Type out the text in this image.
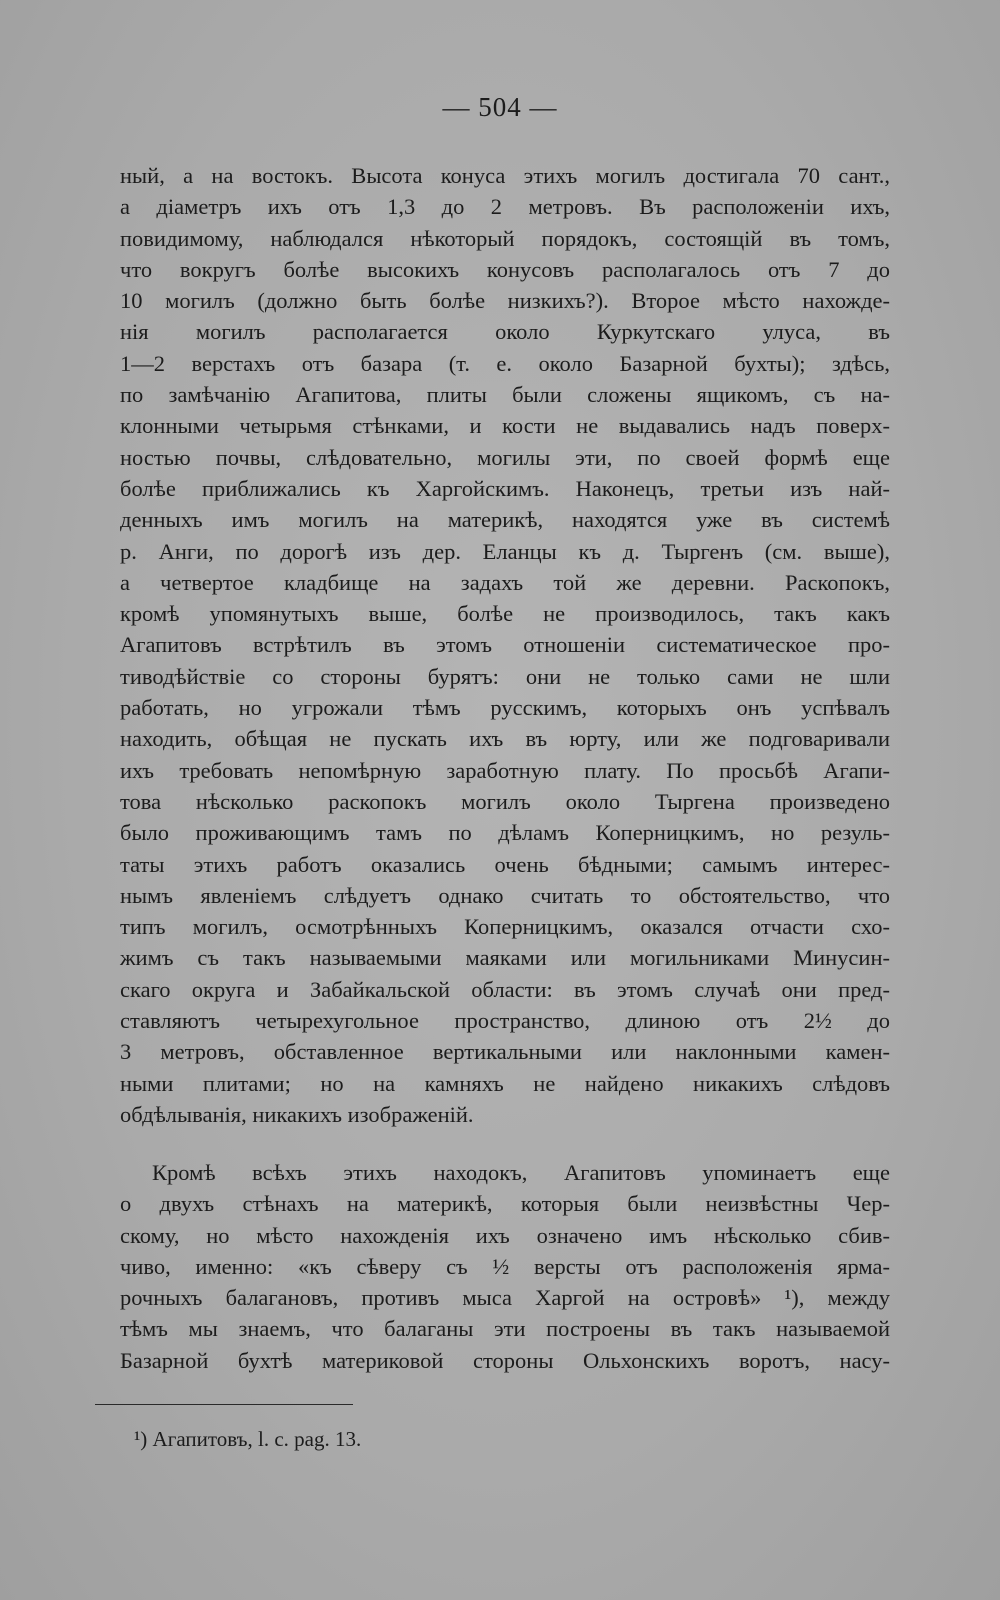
— 504 —
ный, а на востокъ. Высота конуса этихъ могилъ достигала 70 сант.,
а діаметръ ихъ отъ 1,3 до 2 метровъ. Въ расположеніи ихъ,
повидимому, наблюдался нѣкоторый порядокъ, состоящій въ томъ,
что вокругъ болѣе высокихъ конусовъ располагалось отъ 7 до
10 могилъ (должно быть болѣе низкихъ?). Второе мѣсто нахожде-
нія могилъ располагается около Куркутскаго улуса, въ
1—2 верстахъ отъ базара (т. е. около Базарной бухты); здѣсь,
по замѣчанію Агапитова, плиты были сложены ящикомъ, съ на-
клонными четырьмя стѣнками, и кости не выдавались надъ поверх-
ностью почвы, слѣдовательно, могилы эти, по своей формѣ еще
болѣе приближались къ Харгойскимъ. Наконецъ, третьи изъ най-
денныхъ имъ могилъ на материкѣ, находятся уже въ системѣ
р. Анги, по дорогѣ изъ дер. Еланцы къ д. Тыргенъ (см. выше),
а четвертое кладбище на задахъ той же деревни. Раскопокъ,
кромѣ упомянутыхъ выше, болѣе не производилось, такъ какъ
Агапитовъ встрѣтилъ въ этомъ отношеніи систематическое про-
тиводѣйствіе со стороны бурятъ: они не только сами не шли
работать, но угрожали тѣмъ русскимъ, которыхъ онъ успѣвалъ
находить, обѣщая не пускать ихъ въ юрту, или же подговаривали
ихъ требовать непомѣрную заработную плату. По просьбѣ Агапи-
това нѣсколько раскопокъ могилъ около Тыргена произведено
было проживающимъ тамъ по дѣламъ Коперницкимъ, но резуль-
таты этихъ работъ оказались очень бѣдными; самымъ интерес-
нымъ явленіемъ слѣдуетъ однако считать то обстоятельство, что
типъ могилъ, осмотрѣнныхъ Коперницкимъ, оказался отчасти схо-
жимъ съ такъ называемыми маяками или могильниками Минусин-
скаго округа и Забайкальской области: въ этомъ случаѣ они пред-
ставляютъ четырехугольное пространство, длиною отъ 2½ до
3 метровъ, обставленное вертикальными или наклонными камен-
ными плитами; но на камняхъ не найдено никакихъ слѣдовъ
обдѣлыванія, никакихъ изображеній.
Кромѣ всѣхъ этихъ находокъ, Агапитовъ упоминаетъ еще
о двухъ стѣнахъ на материкѣ, которыя были неизвѣстны Чер-
скому, но мѣсто нахожденія ихъ означено имъ нѣсколько сбив-
чиво, именно: «къ сѣверу съ ½ версты отъ расположенія ярма-
рочныхъ балагановъ, противъ мыса Харгой на островѣ» ¹), между
тѣмъ мы знаемъ, что балаганы эти построены въ такъ называемой
Базарной бухтѣ материковой стороны Ольхонскихъ воротъ, насу-
¹) Агапитовъ, l. c. pag. 13.
